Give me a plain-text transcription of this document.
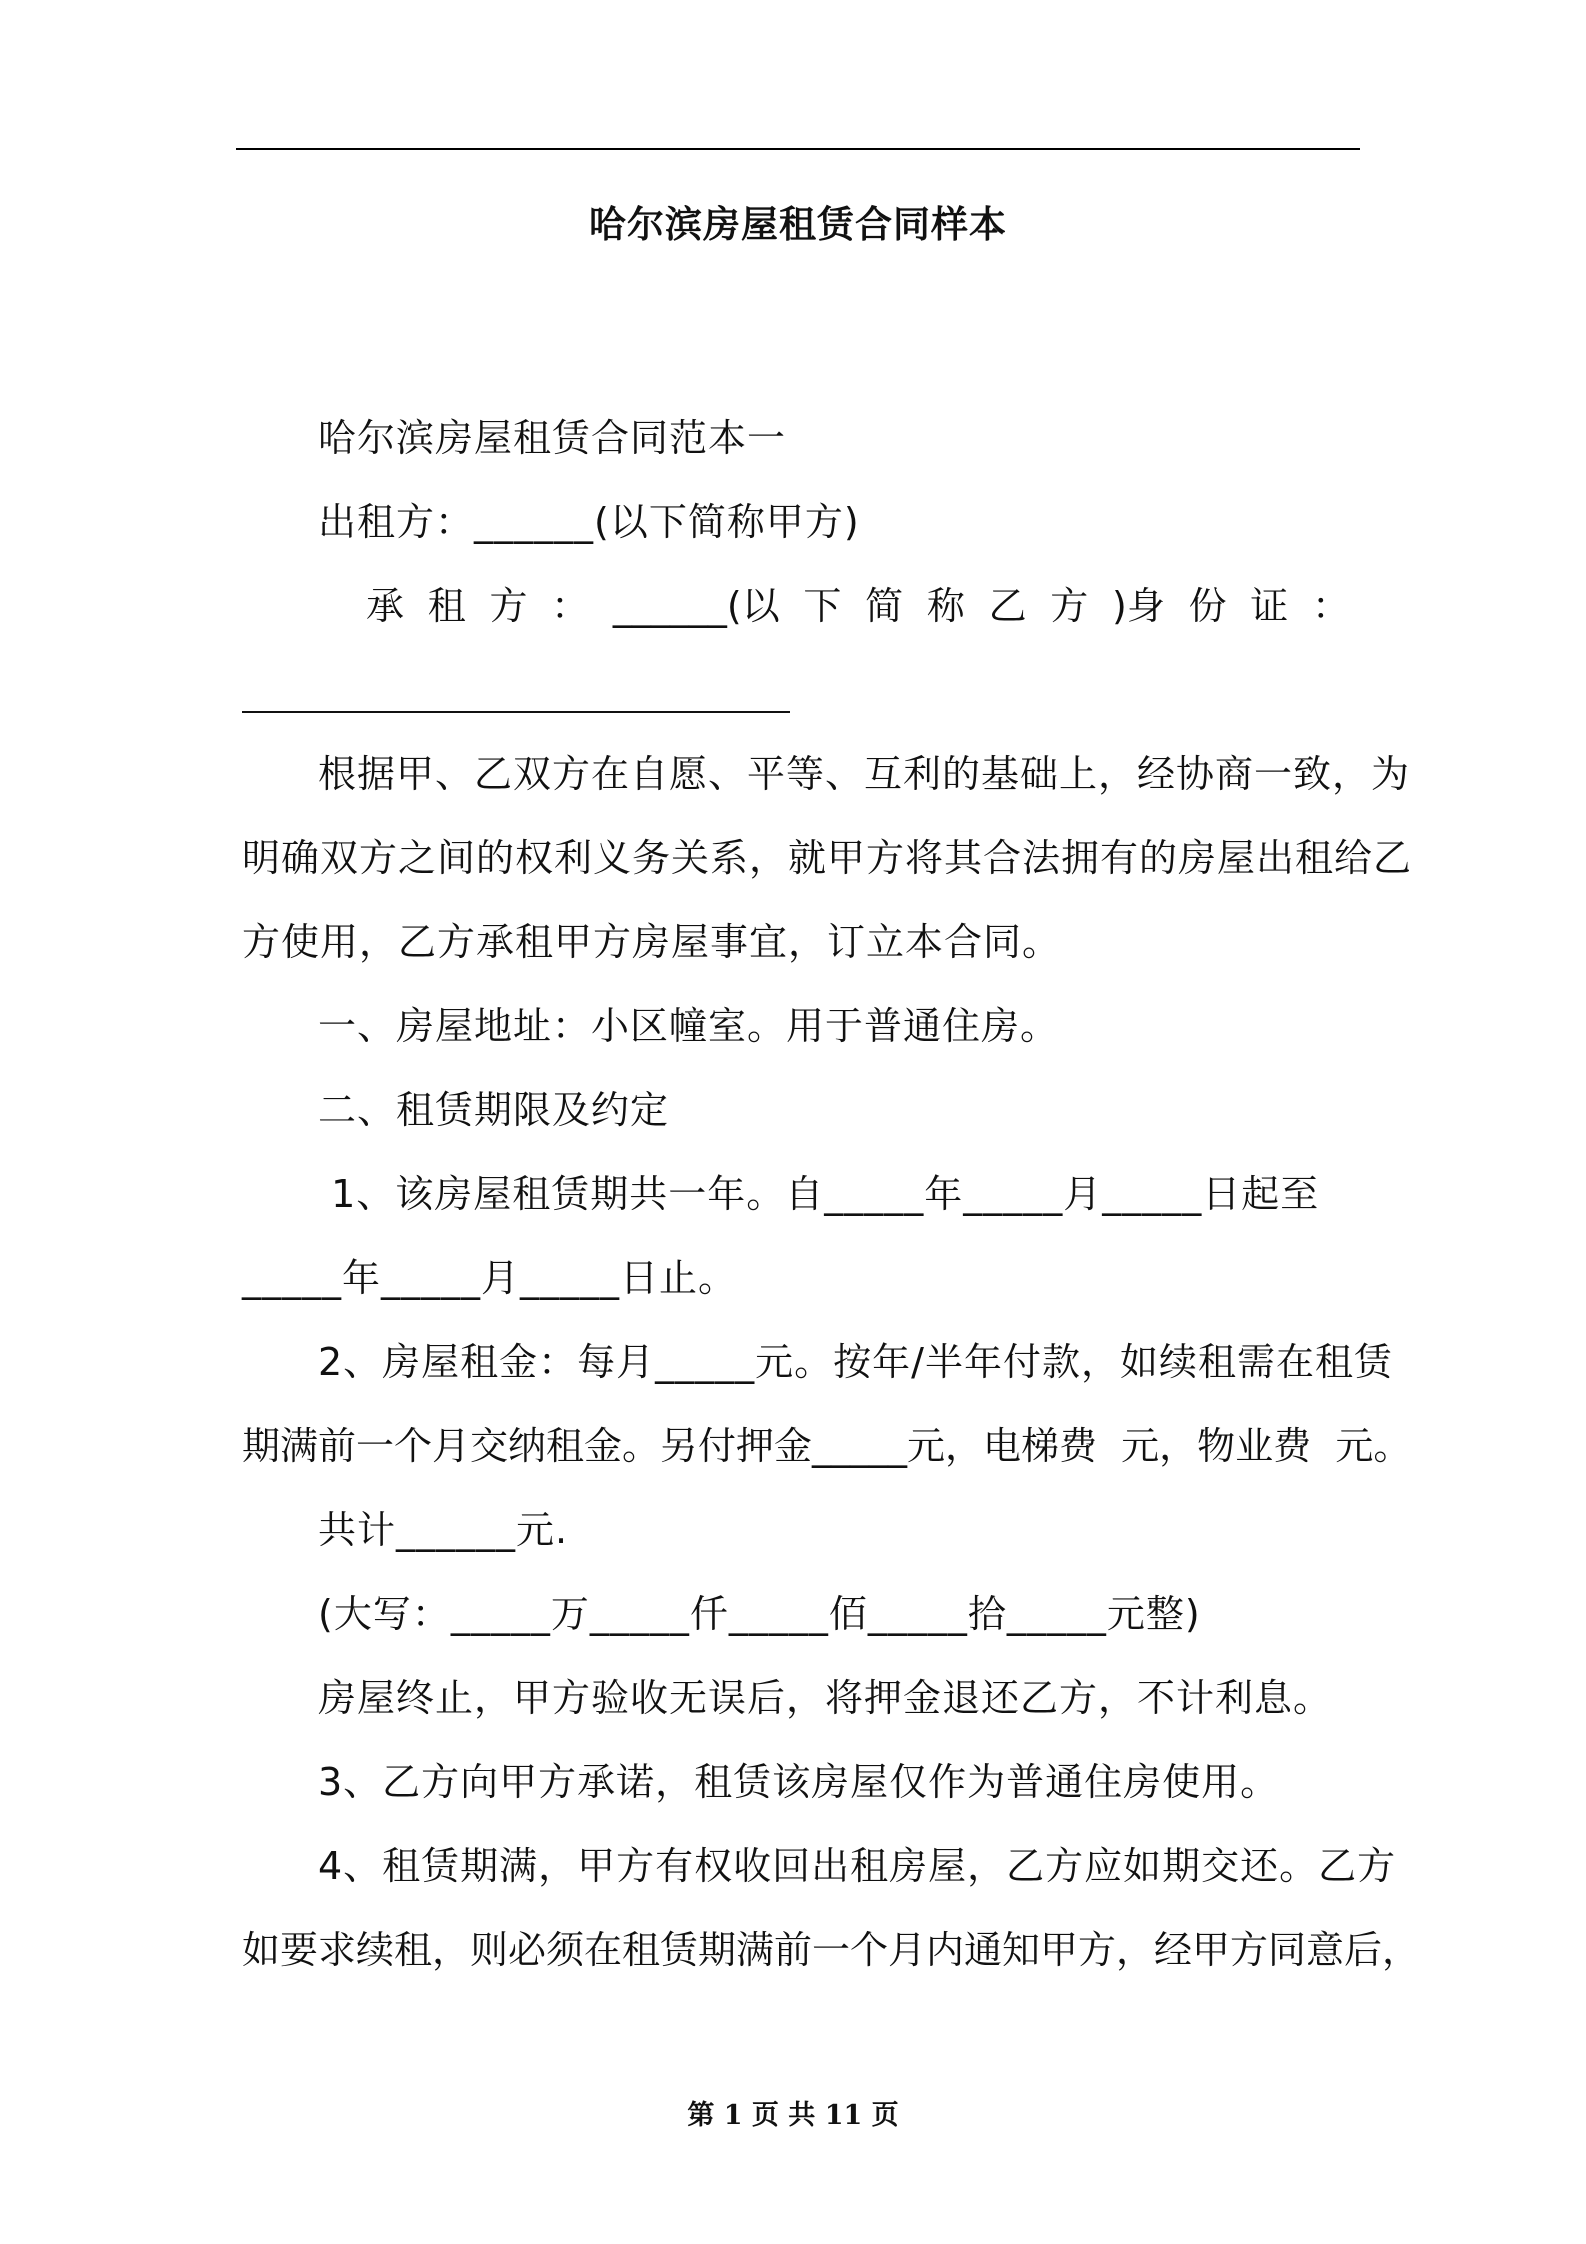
哈尔滨房屋租赁合同样本
哈尔滨房屋租赁合同范本一
出租方：______(以下简称甲方)
承 租 方 ： ______(以 下 简 称 乙 方 )身 份 证 ：
根据甲、乙双方在自愿、平等、互利的基础上，经协商一致，为
明确双方之间的权利义务关系，就甲方将其合法拥有的房屋出租给乙
方使用，乙方承租甲方房屋事宜，订立本合同。
一、房屋地址：小区幢室。用于普通住房。
二、租赁期限及约定
1、该房屋租赁期共一年。自_____年_____月_____日起至
_____年_____月_____日止。
2、房屋租金：每月_____元。按年/半年付款，如续租需在租赁
期满前一个月交纳租金。另付押金_____元，电梯费  元，物业费  元。
共计______元.
(大写：_____万_____仟_____佰_____拾_____元整)
房屋终止，甲方验收无误后，将押金退还乙方，不计利息。
3、乙方向甲方承诺，租赁该房屋仅作为普通住房使用。
4、租赁期满，甲方有权收回出租房屋，乙方应如期交还。乙方
如要求续租，则必须在租赁期满前一个月内通知甲方，经甲方同意后，
第 1 页 共 11 页
